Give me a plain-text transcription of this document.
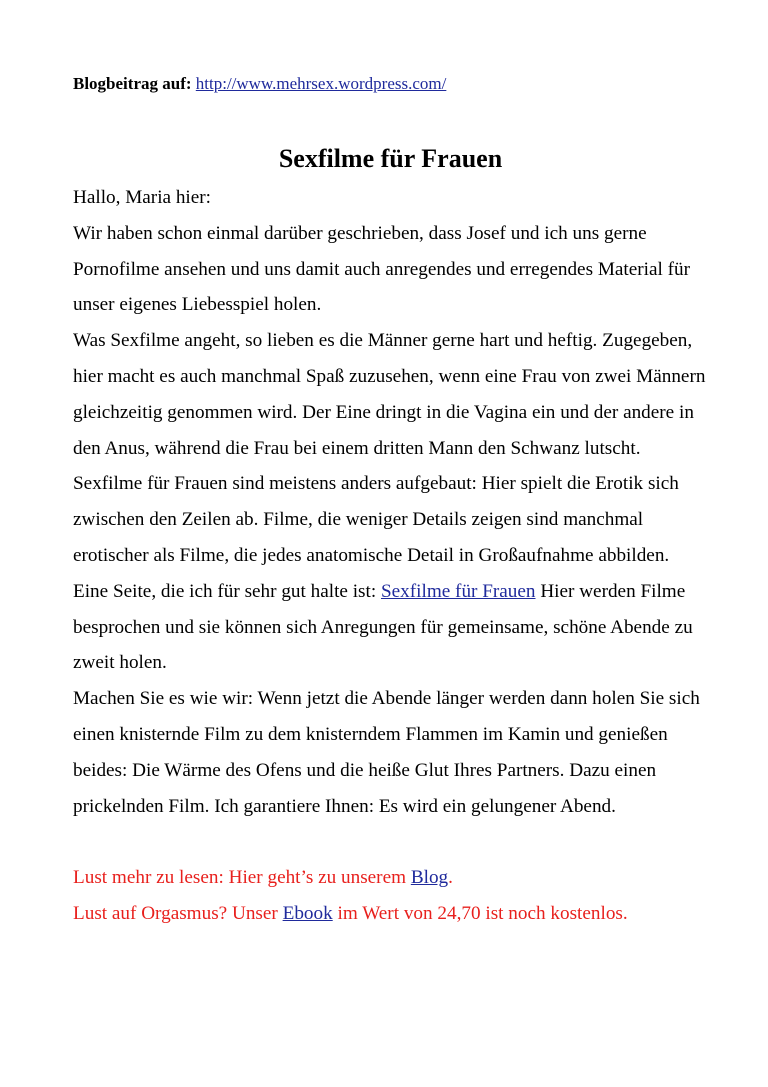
Blogbeitrag auf: http://www.mehrsex.wordpress.com/
Sexfilme für Frauen

Hallo, Maria hier:

Wir haben schon einmal darüber geschrieben, dass Josef und ich uns gerne Pornofilme ansehen und uns damit auch anregendes und erregendes Material für unser eigenes Liebesspiel holen.

Was Sexfilme angeht, so lieben es die Männer gerne hart und heftig. Zugegeben, hier macht es auch manchmal Spaß zuzusehen, wenn eine Frau von zwei Männern gleichzeitig genommen wird. Der Eine dringt in die Vagina ein und der andere in den Anus, während die Frau bei einem dritten Mann den Schwanz lutscht.

Sexfilme für Frauen sind meistens anders aufgebaut: Hier spielt die Erotik sich zwischen den Zeilen ab. Filme, die weniger Details zeigen sind manchmal erotischer als Filme, die jedes anatomische Detail in Großaufnahme abbilden. Eine Seite, die ich für sehr gut halte ist: Sexfilme für Frauen Hier werden Filme besprochen und sie können sich Anregungen für gemeinsame, schöne Abende zu zweit holen.

Machen Sie es wie wir: Wenn jetzt die Abende länger werden dann holen Sie sich einen knisternde Film zu dem knisterndem Flammen im Kamin und genießen beides: Die Wärme des Ofens und die heiße Glut Ihres Partners. Dazu einen prickelnden Film. Ich garantiere Ihnen: Es wird ein gelungener Abend.

Lust mehr zu lesen: Hier geht’s zu unserem Blog.

Lust auf Orgasmus? Unser Ebook im Wert von 24,70 ist noch kostenlos.
